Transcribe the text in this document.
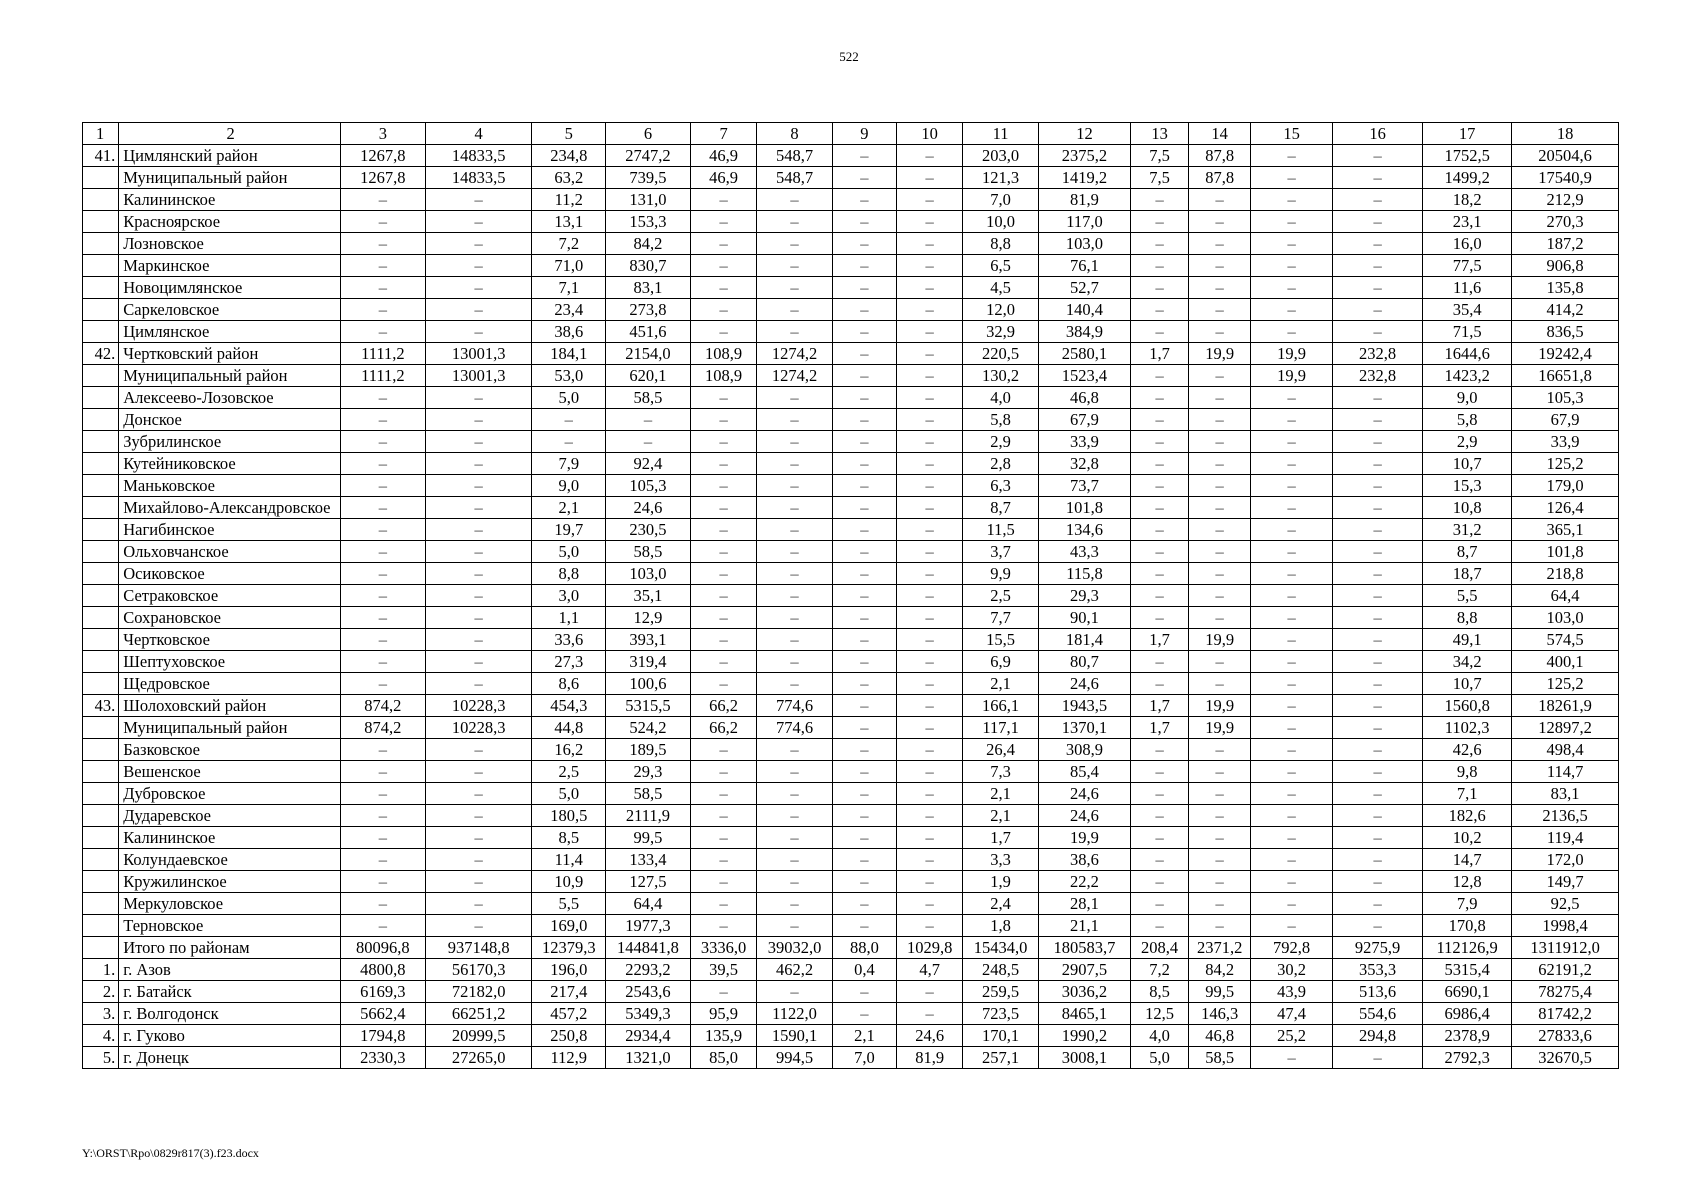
522
1	2	3	4	5	6	7	8	9	10	11	12	13	14	15	16	17	18
41.	Цимлянский район	1267,8	14833,5	234,8	2747,2	46,9	548,7	–	–	203,0	2375,2	7,5	87,8	–	–	1752,5	20504,6
	Муниципальный район	1267,8	14833,5	63,2	739,5	46,9	548,7	–	–	121,3	1419,2	7,5	87,8	–	–	1499,2	17540,9
	Калининское	–	–	11,2	131,0	–	–	–	–	7,0	81,9	–	–	–	–	18,2	212,9
	Красноярское	–	–	13,1	153,3	–	–	–	–	10,0	117,0	–	–	–	–	23,1	270,3
	Лозновское	–	–	7,2	84,2	–	–	–	–	8,8	103,0	–	–	–	–	16,0	187,2
	Маркинское	–	–	71,0	830,7	–	–	–	–	6,5	76,1	–	–	–	–	77,5	906,8
	Новоцимлянское	–	–	7,1	83,1	–	–	–	–	4,5	52,7	–	–	–	–	11,6	135,8
	Саркеловское	–	–	23,4	273,8	–	–	–	–	12,0	140,4	–	–	–	–	35,4	414,2
	Цимлянское	–	–	38,6	451,6	–	–	–	–	32,9	384,9	–	–	–	–	71,5	836,5
42.	Чертковский район	1111,2	13001,3	184,1	2154,0	108,9	1274,2	–	–	220,5	2580,1	1,7	19,9	19,9	232,8	1644,6	19242,4
	Муниципальный район	1111,2	13001,3	53,0	620,1	108,9	1274,2	–	–	130,2	1523,4	–	–	19,9	232,8	1423,2	16651,8
	Алексеево-Лозовское	–	–	5,0	58,5	–	–	–	–	4,0	46,8	–	–	–	–	9,0	105,3
	Донское	–	–	–	–	–	–	–	–	5,8	67,9	–	–	–	–	5,8	67,9
	Зубрилинское	–	–	–	–	–	–	–	–	2,9	33,9	–	–	–	–	2,9	33,9
	Кутейниковское	–	–	7,9	92,4	–	–	–	–	2,8	32,8	–	–	–	–	10,7	125,2
	Маньковское	–	–	9,0	105,3	–	–	–	–	6,3	73,7	–	–	–	–	15,3	179,0
	Михайлово-Александровское	–	–	2,1	24,6	–	–	–	–	8,7	101,8	–	–	–	–	10,8	126,4
	Нагибинское	–	–	19,7	230,5	–	–	–	–	11,5	134,6	–	–	–	–	31,2	365,1
	Ольховчанское	–	–	5,0	58,5	–	–	–	–	3,7	43,3	–	–	–	–	8,7	101,8
	Осиковское	–	–	8,8	103,0	–	–	–	–	9,9	115,8	–	–	–	–	18,7	218,8
	Сетраковское	–	–	3,0	35,1	–	–	–	–	2,5	29,3	–	–	–	–	5,5	64,4
	Сохрановское	–	–	1,1	12,9	–	–	–	–	7,7	90,1	–	–	–	–	8,8	103,0
	Чертковское	–	–	33,6	393,1	–	–	–	–	15,5	181,4	1,7	19,9	–	–	49,1	574,5
	Шептуховское	–	–	27,3	319,4	–	–	–	–	6,9	80,7	–	–	–	–	34,2	400,1
	Щедровское	–	–	8,6	100,6	–	–	–	–	2,1	24,6	–	–	–	–	10,7	125,2
43.	Шолоховский район	874,2	10228,3	454,3	5315,5	66,2	774,6	–	–	166,1	1943,5	1,7	19,9	–	–	1560,8	18261,9
	Муниципальный район	874,2	10228,3	44,8	524,2	66,2	774,6	–	–	117,1	1370,1	1,7	19,9	–	–	1102,3	12897,2
	Базковское	–	–	16,2	189,5	–	–	–	–	26,4	308,9	–	–	–	–	42,6	498,4
	Вешенское	–	–	2,5	29,3	–	–	–	–	7,3	85,4	–	–	–	–	9,8	114,7
	Дубровское	–	–	5,0	58,5	–	–	–	–	2,1	24,6	–	–	–	–	7,1	83,1
	Дударевское	–	–	180,5	2111,9	–	–	–	–	2,1	24,6	–	–	–	–	182,6	2136,5
	Калининское	–	–	8,5	99,5	–	–	–	–	1,7	19,9	–	–	–	–	10,2	119,4
	Колундаевское	–	–	11,4	133,4	–	–	–	–	3,3	38,6	–	–	–	–	14,7	172,0
	Кружилинское	–	–	10,9	127,5	–	–	–	–	1,9	22,2	–	–	–	–	12,8	149,7
	Меркуловское	–	–	5,5	64,4	–	–	–	–	2,4	28,1	–	–	–	–	7,9	92,5
	Терновское	–	–	169,0	1977,3	–	–	–	–	1,8	21,1	–	–	–	–	170,8	1998,4
	Итого по районам	80096,8	937148,8	12379,3	144841,8	3336,0	39032,0	88,0	1029,8	15434,0	180583,7	208,4	2371,2	792,8	9275,9	112126,9	1311912,0
1.	г. Азов	4800,8	56170,3	196,0	2293,2	39,5	462,2	0,4	4,7	248,5	2907,5	7,2	84,2	30,2	353,3	5315,4	62191,2
2.	г. Батайск	6169,3	72182,0	217,4	2543,6	–	–	–	–	259,5	3036,2	8,5	99,5	43,9	513,6	6690,1	78275,4
3.	г. Волгодонск	5662,4	66251,2	457,2	5349,3	95,9	1122,0	–	–	723,5	8465,1	12,5	146,3	47,4	554,6	6986,4	81742,2
4.	г. Гуково	1794,8	20999,5	250,8	2934,4	135,9	1590,1	2,1	24,6	170,1	1990,2	4,0	46,8	25,2	294,8	2378,9	27833,6
5.	г. Донецк	2330,3	27265,0	112,9	1321,0	85,0	994,5	7,0	81,9	257,1	3008,1	5,0	58,5	–	–	2792,3	32670,5
Y:\ORST\Rpo\0829r817(3).f23.docx
